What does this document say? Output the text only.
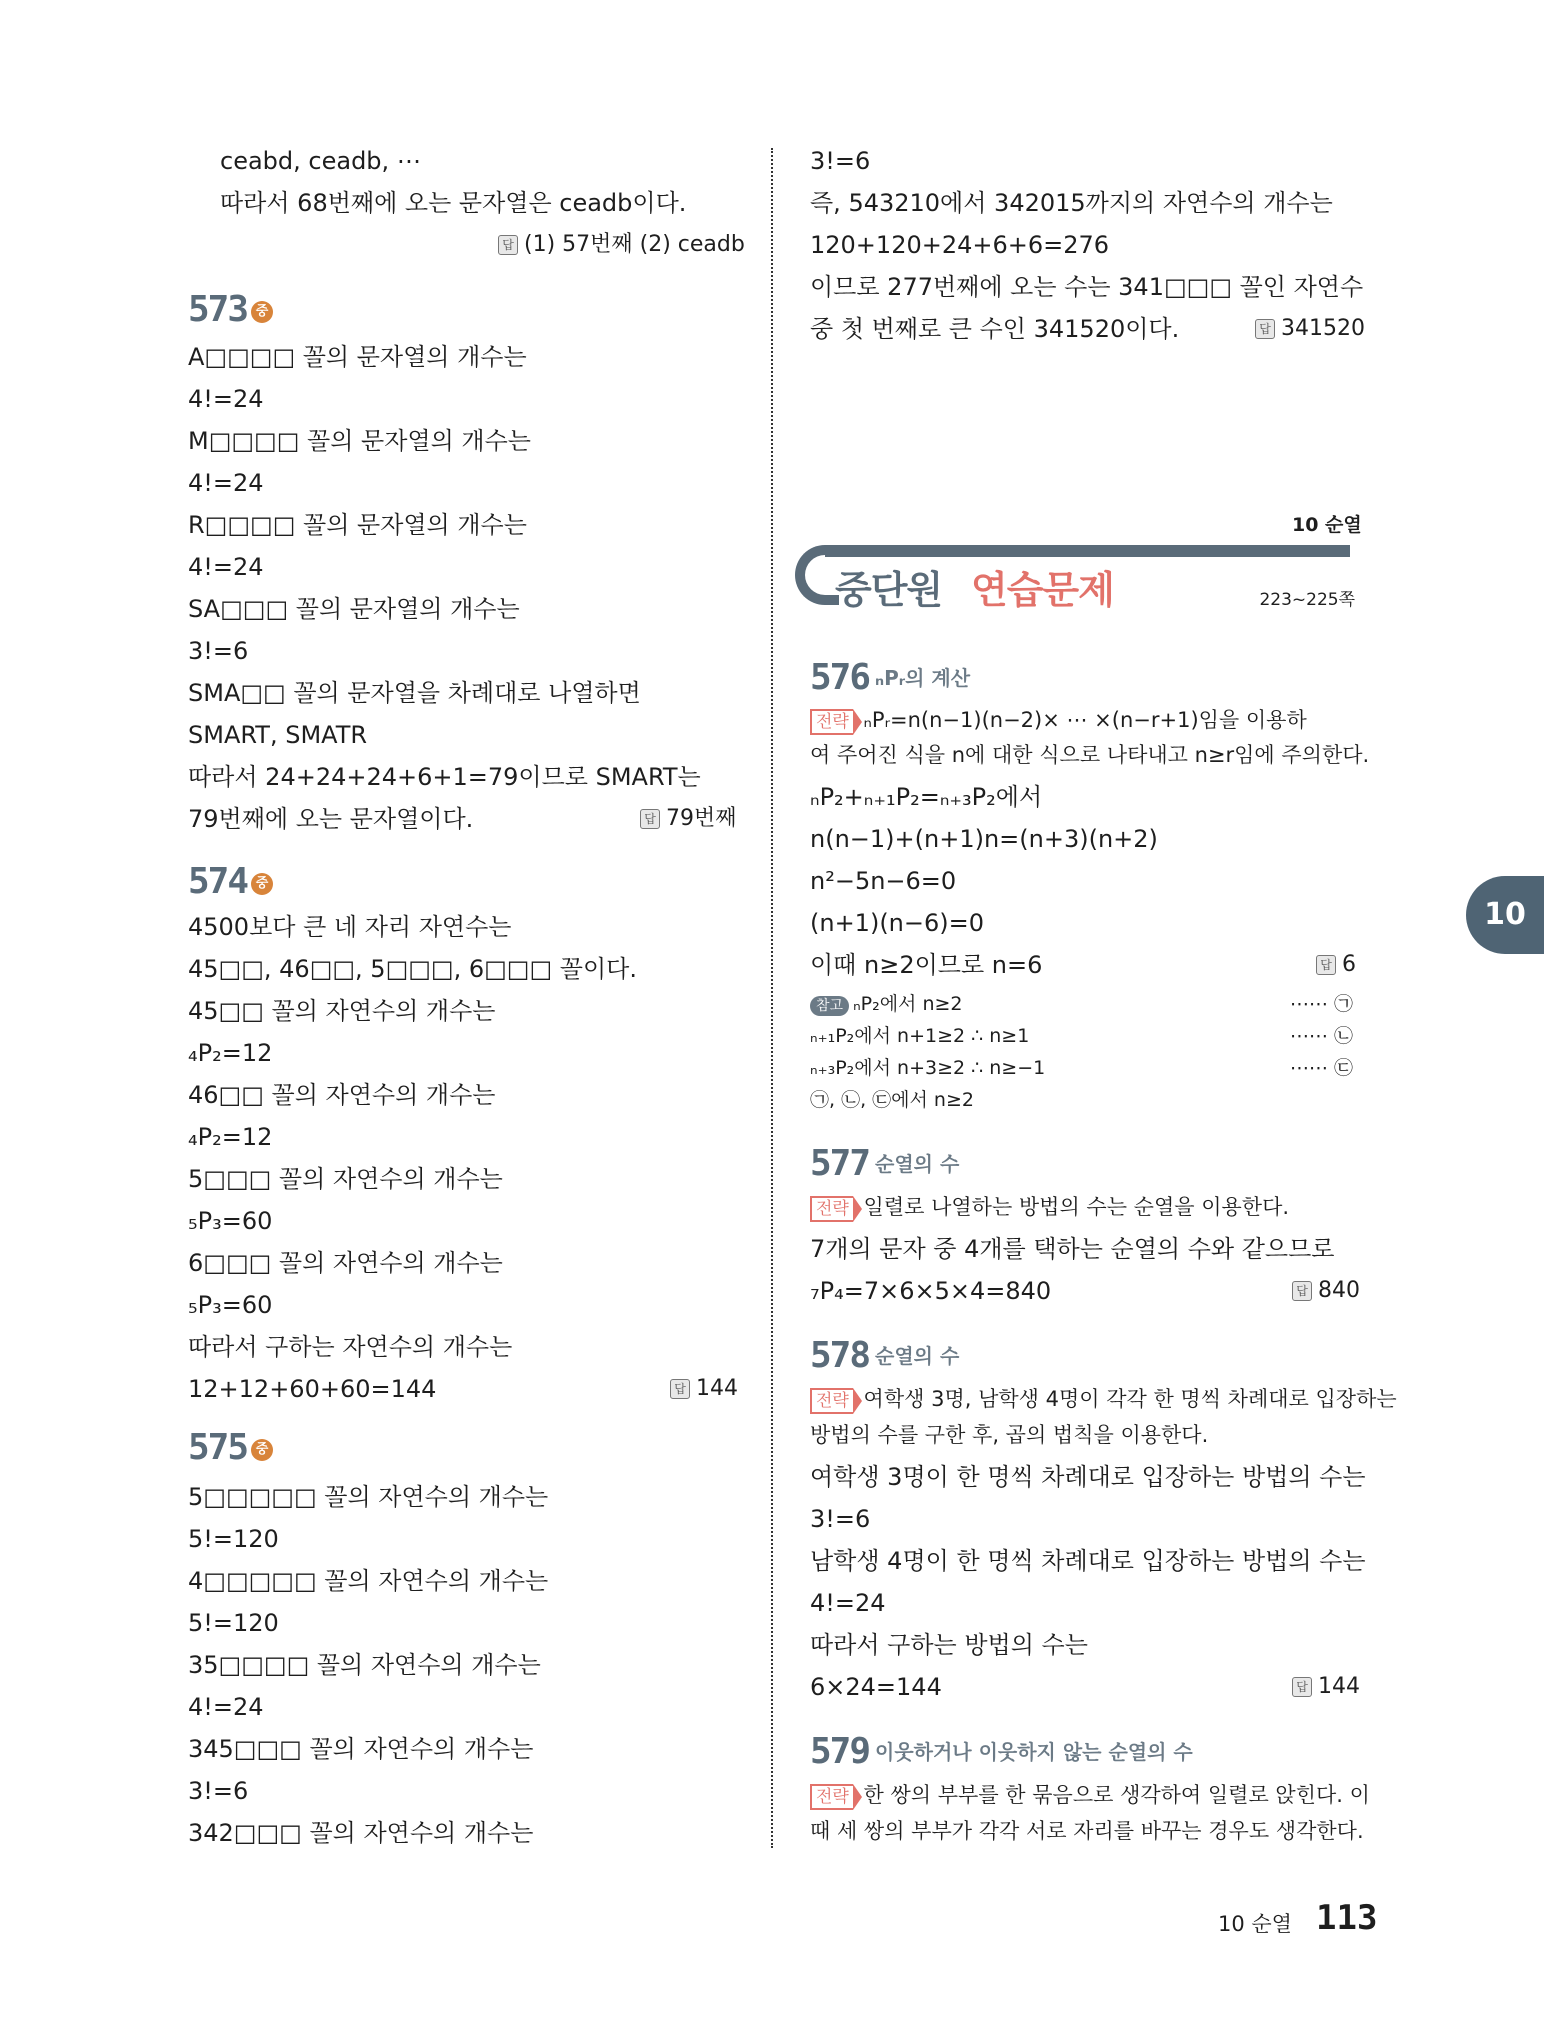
ceabd, ceadb, ⋯
따라서 68번째에 오는 문자열은 ceadb이다.
답 (1) 57번째 (2) ceadb
573 중
A□□□□ 꼴의 문자열의 개수는
4!=24
M□□□□ 꼴의 문자열의 개수는
4!=24
R□□□□ 꼴의 문자열의 개수는
4!=24
SA□□□ 꼴의 문자열의 개수는
3!=6
SMA□□ 꼴의 문자열을 차례대로 나열하면
SMART, SMATR
따라서 24+24+24+6+1=79이므로 SMART는
79번째에 오는 문자열이다.	답 79번째
574 중
4500보다 큰 네 자리 자연수는
45□□, 46□□, 5□□□, 6□□□ 꼴이다.
45□□ 꼴의 자연수의 개수는
₄P₂=12
46□□ 꼴의 자연수의 개수는
₄P₂=12
5□□□ 꼴의 자연수의 개수는
₅P₃=60
6□□□ 꼴의 자연수의 개수는
₅P₃=60
따라서 구하는 자연수의 개수는
12+12+60+60=144	답 144
575 중
5□□□□□ 꼴의 자연수의 개수는
5!=120
4□□□□□ 꼴의 자연수의 개수는
5!=120
35□□□□ 꼴의 자연수의 개수는
4!=24
345□□□ 꼴의 자연수의 개수는
3!=6
342□□□ 꼴의 자연수의 개수는
3!=6
즉, 543210에서 342015까지의 자연수의 개수는
120+120+24+6+6=276
이므로 277번째에 오는 수는 341□□□ 꼴인 자연수
중 첫 번째로 큰 수인 341520이다.	답 341520
10 순열
중단원 연습문제	223~225쪽
576 ₙPᵣ의 계산
전략 ₙPᵣ=n(n−1)(n−2)× ⋯ ×(n−r+1)임을 이용하
여 주어진 식을 n에 대한 식으로 나타내고 n≥r임에 주의한다.
ₙP₂+ₙ₊₁P₂=ₙ₊₃P₂에서
n(n−1)+(n+1)n=(n+3)(n+2)
n²−5n−6=0
(n+1)(n−6)=0
이때 n≥2이므로 n=6	답 6
참고 ₙP₂에서 n≥2	⋯⋯ ㉠
ₙ₊₁P₂에서 n+1≥2 ∴ n≥1	⋯⋯ ㉡
ₙ₊₃P₂에서 n+3≥2 ∴ n≥−1	⋯⋯ ㉢
㉠, ㉡, ㉢에서 n≥2
577 순열의 수
전략 일렬로 나열하는 방법의 수는 순열을 이용한다.
7개의 문자 중 4개를 택하는 순열의 수와 같으므로
₇P₄=7×6×5×4=840	답 840
578 순열의 수
전략 여학생 3명, 남학생 4명이 각각 한 명씩 차례대로 입장하는
방법의 수를 구한 후, 곱의 법칙을 이용한다.
여학생 3명이 한 명씩 차례대로 입장하는 방법의 수는
3!=6
남학생 4명이 한 명씩 차례대로 입장하는 방법의 수는
4!=24
따라서 구하는 방법의 수는
6×24=144	답 144
579 이웃하거나 이웃하지 않는 순열의 수
전략 한 쌍의 부부를 한 묶음으로 생각하여 일렬로 앉힌다. 이
때 세 쌍의 부부가 각각 서로 자리를 바꾸는 경우도 생각한다.
10
10 순열 113
